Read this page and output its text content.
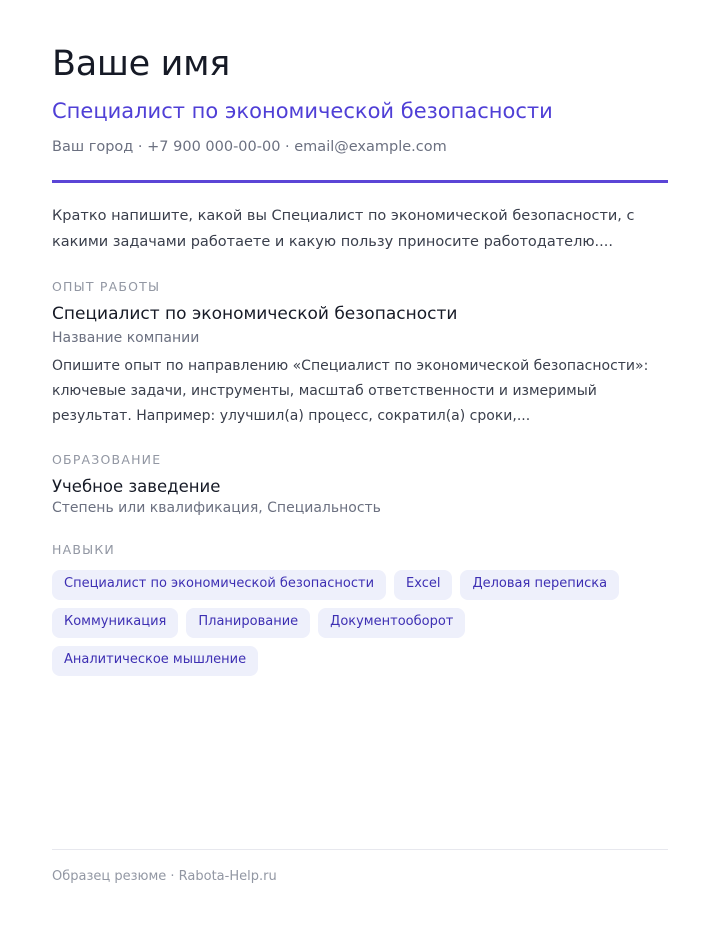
Ваше имя
Специалист по экономической безопасности
Ваш город · +7 900 000-00-00 · email@example.com
Кратко напишите, какой вы Специалист по экономической безопасности, с какими задачами работаете и какую пользу приносите работодателю....
ОПЫТ РАБОТЫ
Специалист по экономической безопасности
Название компании
Опишите опыт по направлению «Специалист по экономической безопасности»: ключевые задачи, инструменты, масштаб ответственности и измеримый результат. Например: улучшил(а) процесс, сократил(а) сроки,...
ОБРАЗОВАНИЕ
Учебное заведение
Степень или квалификация, Специальность
НАВЫКИ
Специалист по экономической безопасности	Excel	Деловая переписка
Коммуникация	Планирование	Документооборот
Аналитическое мышление
Образец резюме · Rabota-Help.ru
